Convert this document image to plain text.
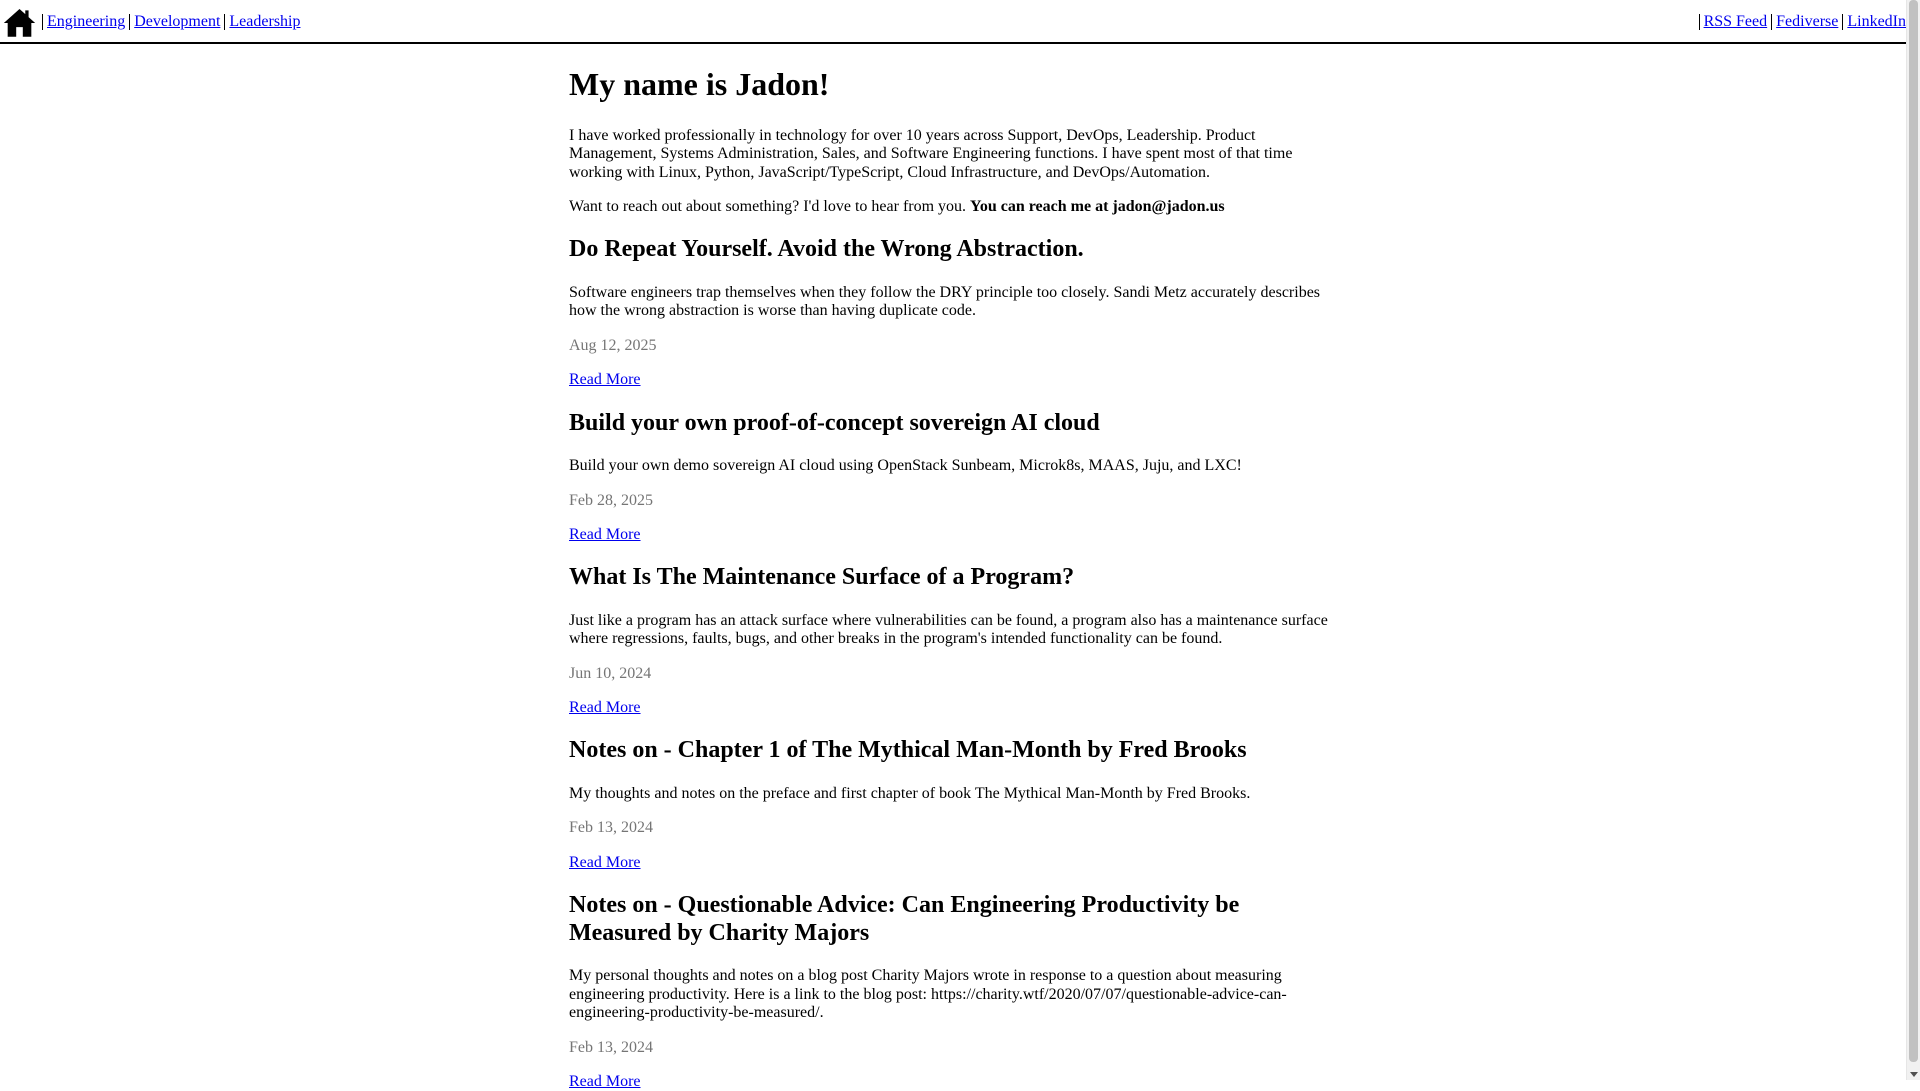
Engineering Development Leadership	RSS Feed Fediverse LinkedIn
My name is Jadon!

I have worked professionally in technology for over 10 years across Support, DevOps, Leadership. Product Management, Systems Administration, Sales, and Software Engineering functions. I have spent most of that time working with Linux, Python, JavaScript/TypeScript, Cloud Infrastructure, and DevOps/Automation.

Want to reach out about something? I'd love to hear from you. You can reach me at jadon@jadon.us

Do Repeat Yourself. Avoid the Wrong Abstraction.

Software engineers trap themselves when they follow the DRY principle too closely. Sandi Metz accurately describes how the wrong abstraction is worse than having duplicate code.

Aug 12, 2025

Read More
Build your own proof-of-concept sovereign AI cloud

Build your own demo sovereign AI cloud using OpenStack Sunbeam, Microk8s, MAAS, Juju, and LXC!

Feb 28, 2025

Read More
What Is The Maintenance Surface of a Program?

Just like a program has an attack surface where vulnerabilities can be found, a program also has a maintenance surface where regressions, faults, bugs, and other breaks in the program's intended functionality can be found.

Jun 10, 2024

Read More
Notes on - Chapter 1 of The Mythical Man-Month by Fred Brooks

My thoughts and notes on the preface and first chapter of book The Mythical Man-Month by Fred Brooks.

Feb 13, 2024

Read More
Notes on - Questionable Advice: Can Engineering Productivity be Measured by Charity Majors

My personal thoughts and notes on a blog post Charity Majors wrote in response to a question about measuring engineering productivity. Here is a link to the blog post: https://charity.wtf/2020/07/07/questionable-advice-can-engineering-productivity-be-measured/.

Feb 13, 2024

Read More
